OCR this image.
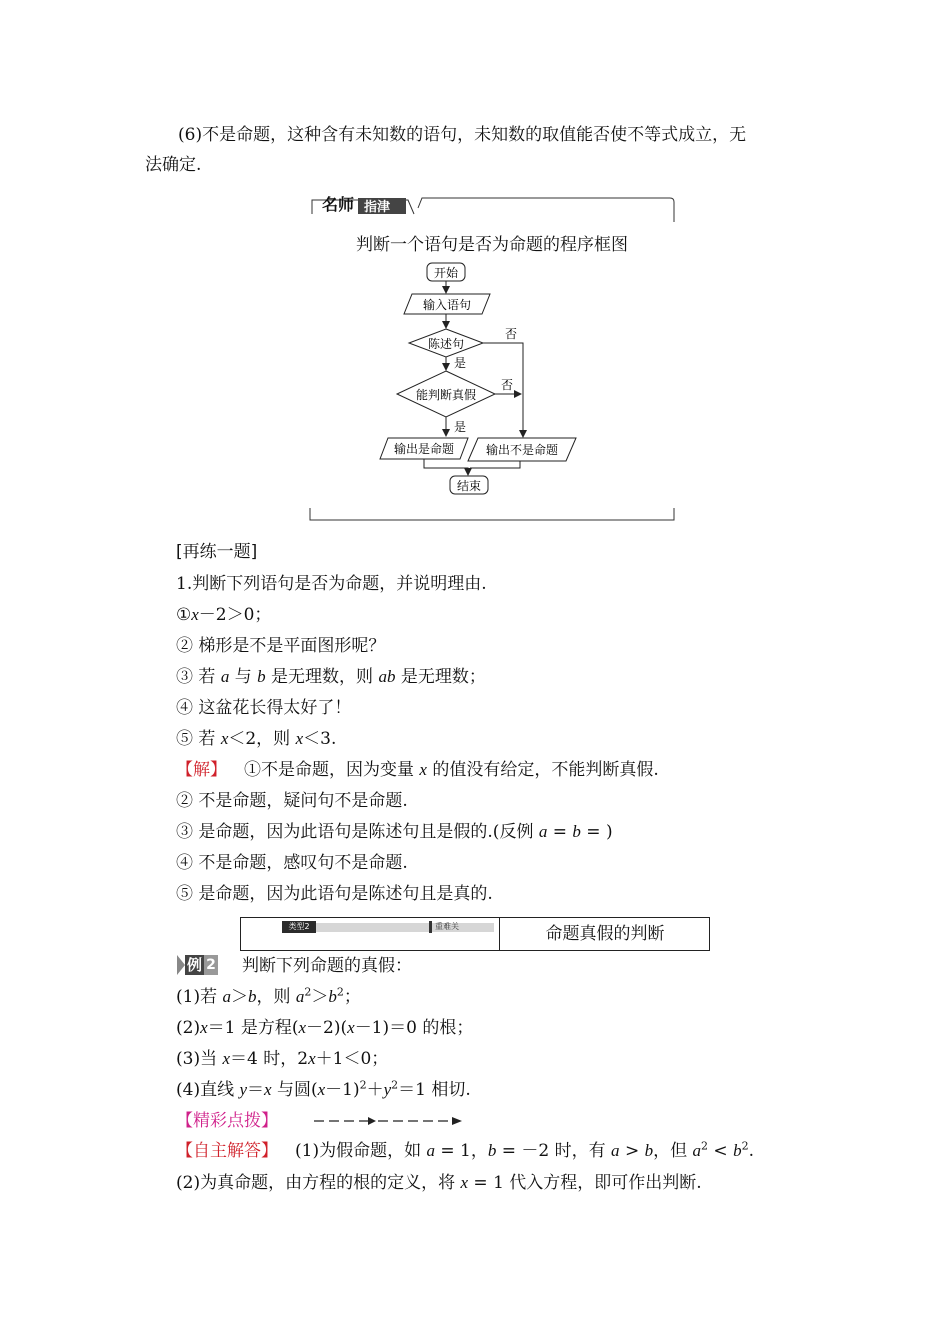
(6)不是命题，这种含有未知数的语句，未知数的取值能否使不等式成立，无
法确定.
名师 指津
判断一个语句是否为命题的程序框图
开始
输入语句
陈述句
是
否
能判断真假
否
是
输出是命题	输出不是命题
结束
[再练一题]
1.判断下列语句是否为命题，并说明理由.
①x－2＞0；
② 梯形是不是平面图形呢？
③ 若 a 与 b 是无理数，则 ab 是无理数；
④ 这盆花长得太好了！
⑤ 若 x＜2，则 x＜3.
【解】  ①不是命题，因为变量 x 的值没有给定，不能判断真假.
② 不是命题，疑问句不是命题.
③ 是命题，因为此语句是陈述句且是假的.(反例 a = b = )
④ 不是命题，感叹句不是命题.
⑤ 是命题，因为此语句是陈述句且是真的.
类型2	重难关	命题真假的判断
例 2 判断下列命题的真假：
(1)若 a＞b，则 $a^2>b^2$；
(2)x＝1 是方程(x－2)(x－1)＝0 的根；
(3)当 x＝4 时，2x＋1＜0；
(4)直线 y＝x 与圆$(x-1)^2+y^2=1$ 相切.
【精彩点拨】
【自主解答】  (1)为假命题，如 a = 1，b = －2 时，有 a > b，但 $a^2 < b^2$.
(2)为真命题，由方程的根的定义，将 x = 1 代入方程，即可作出判断.
